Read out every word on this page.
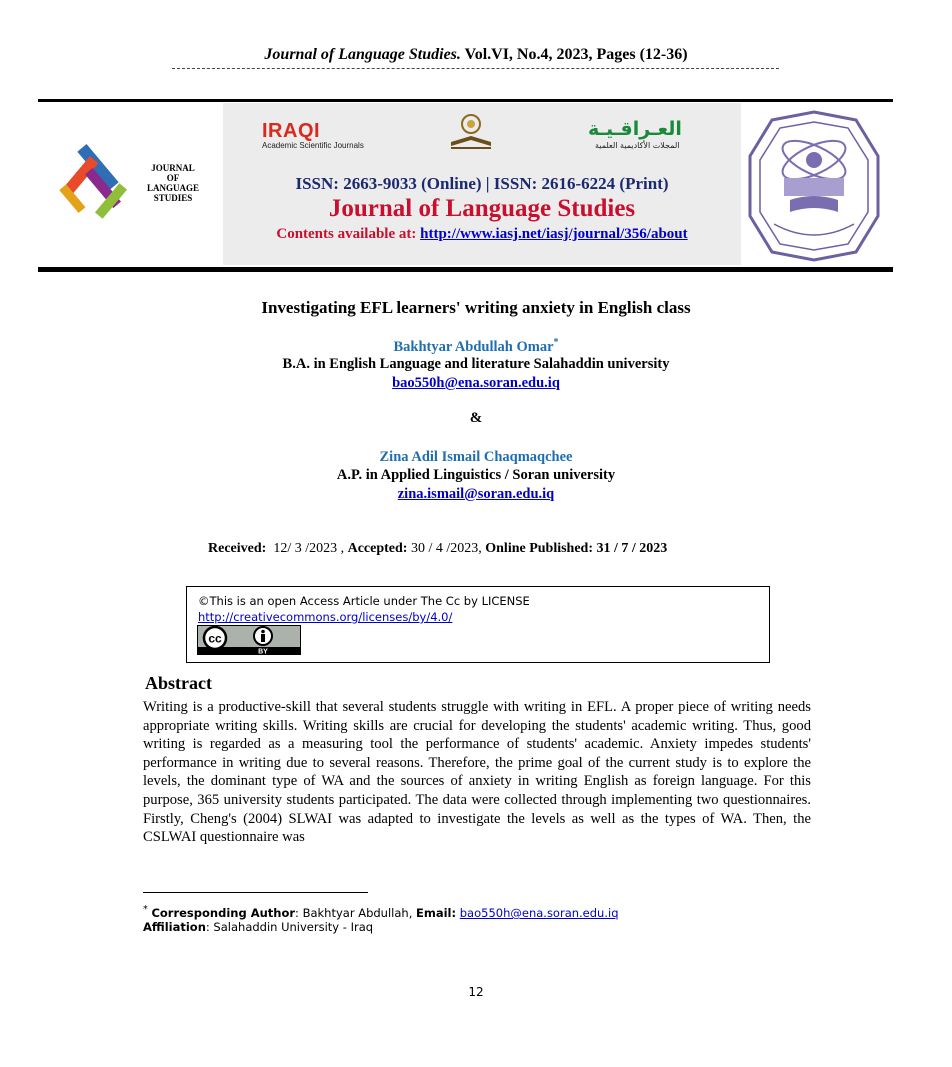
Journal of Language Studies. Vol.VI, No.4, 2023, Pages (12-36)
JOURNAL
OF
LANGUAGE
STUDIES
IRAQI
Academic Scientific Journals
العـراقـيـة
المجلات الأكاديمية العلمية
ISSN: 2663-9033 (Online) | ISSN: 2616-6224 (Print)
Journal of Language Studies
Contents available at: http://www.iasj.net/iasj/journal/356/about
Investigating EFL learners' writing anxiety in English class
Bakhtyar Abdullah Omar*
B.A. in English Language and literature Salahaddin university
bao550h@ena.soran.edu.iq
&
Zina Adil Ismail Chaqmaqchee
A.P. in Applied Linguistics / Soran university
zina.ismail@soran.edu.iq
Received:  12/ 3 /2023 , Accepted: 30 / 4 /2023, Online Published: 31 / 7 / 2023
©This is an open Access Article under The Cc by LICENSE
http://creativecommons.org/licenses/by/4.0/
cc
BY
Abstract
Writing is a productive-skill that several students struggle with writing in EFL. A proper piece of writing needs appropriate writing skills. Writing skills are crucial for developing the students' academic writing. Thus, good writing is regarded as a measuring tool the performance of students' academic. Anxiety impedes students' performance in writing due to several reasons. Therefore, the prime goal of the current study is to explore the levels, the dominant type of WA and the sources of anxiety in writing English as foreign language. For this purpose, 365 university students participated. The data were collected through implementing two questionnaires. Firstly, Cheng's (2004) SLWAI was adapted to investigate the levels as well as the types of WA. Then, the CSLWAI questionnaire was
* Corresponding Author: Bakhtyar Abdullah, Email: bao550h@ena.soran.edu.iq
Affiliation: Salahaddin University - Iraq
12
